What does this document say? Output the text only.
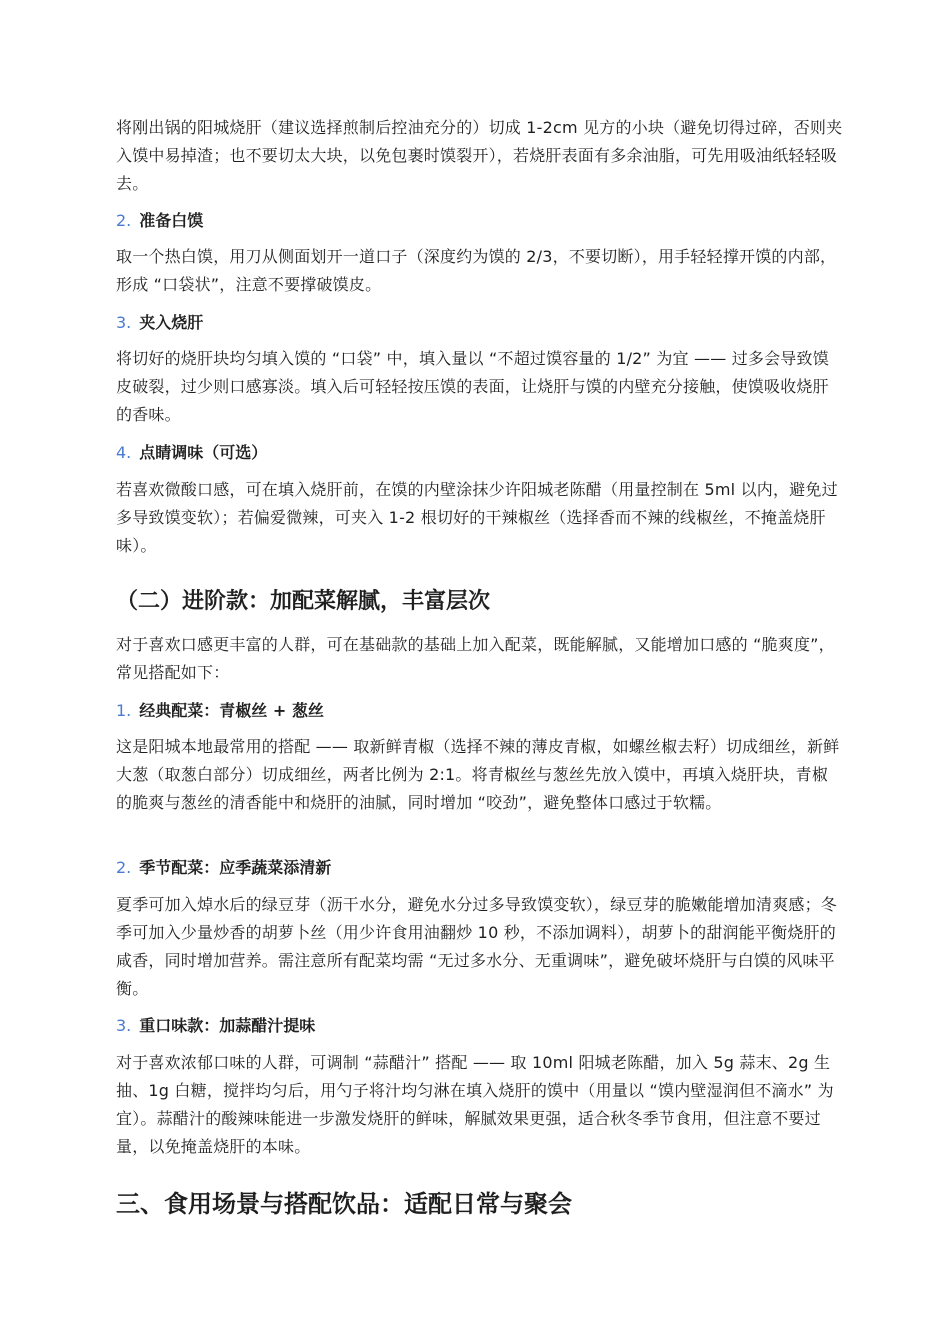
将刚出锅的阳城烧肝（建议选择煎制后控油充分的）切成 1-2cm 见方的小块（避免切得过碎，否则夹入馍中易掉渣；也不要切太大块，以免包裹时馍裂开），若烧肝表面有多余油脂，可先用吸油纸轻轻吸去。

2. 准备白馍

取一个热白馍，用刀从侧面划开一道口子（深度约为馍的 2/3，不要切断），用手轻轻撑开馍的内部，形成 “口袋状”，注意不要撑破馍皮。

3. 夹入烧肝

将切好的烧肝块均匀填入馍的 “口袋” 中，填入量以 “不超过馍容量的 1/2” 为宜 —— 过多会导致馍皮破裂，过少则口感寡淡。填入后可轻轻按压馍的表面，让烧肝与馍的内壁充分接触，使馍吸收烧肝的香味。

4. 点睛调味（可选）

若喜欢微酸口感，可在填入烧肝前，在馍的内壁涂抹少许阳城老陈醋（用量控制在 5ml 以内，避免过多导致馍变软）；若偏爱微辣，可夹入 1-2 根切好的干辣椒丝（选择香而不辣的线椒丝，不掩盖烧肝味）。

（二）进阶款：加配菜解腻，丰富层次

对于喜欢口感更丰富的人群，可在基础款的基础上加入配菜，既能解腻，又能增加口感的 “脆爽度”，常见搭配如下：

1. 经典配菜：青椒丝 + 葱丝

这是阳城本地最常用的搭配 —— 取新鲜青椒（选择不辣的薄皮青椒，如螺丝椒去籽）切成细丝，新鲜大葱（取葱白部分）切成细丝，两者比例为 2:1。将青椒丝与葱丝先放入馍中，再填入烧肝块，青椒的脆爽与葱丝的清香能中和烧肝的油腻，同时增加 “咬劲”，避免整体口感过于软糯。

2. 季节配菜：应季蔬菜添清新

夏季可加入焯水后的绿豆芽（沥干水分，避免水分过多导致馍变软），绿豆芽的脆嫩能增加清爽感；冬季可加入少量炒香的胡萝卜丝（用少许食用油翻炒 10 秒，不添加调料），胡萝卜的甜润能平衡烧肝的咸香，同时增加营养。需注意所有配菜均需 “无过多水分、无重调味”，避免破坏烧肝与白馍的风味平衡。

3. 重口味款：加蒜醋汁提味

对于喜欢浓郁口味的人群，可调制 “蒜醋汁” 搭配 —— 取 10ml 阳城老陈醋，加入 5g 蒜末、2g 生抽、1g 白糖，搅拌均匀后，用勺子将汁均匀淋在填入烧肝的馍中（用量以 “馍内壁湿润但不滴水” 为宜）。蒜醋汁的酸辣味能进一步激发烧肝的鲜味，解腻效果更强，适合秋冬季节食用，但注意不要过量，以免掩盖烧肝的本味。

三、食用场景与搭配饮品：适配日常与聚会
